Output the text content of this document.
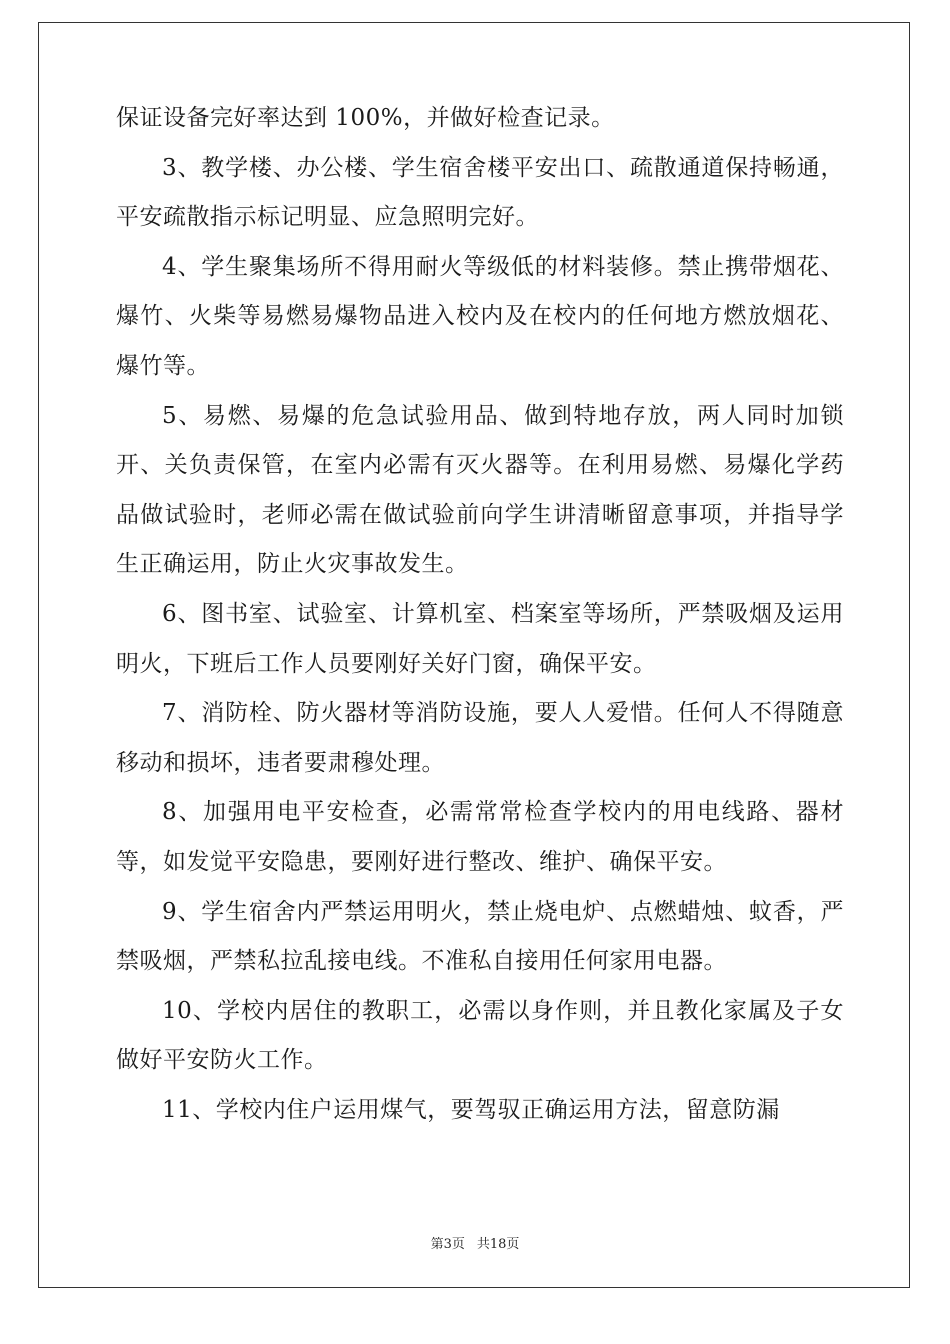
保证设备完好率达到 100%，并做好检查记录。

3、教学楼、办公楼、学生宿舍楼平安出口、疏散通道保持畅通，平安疏散指示标记明显、应急照明完好。

4、学生聚集场所不得用耐火等级低的材料装修。禁止携带烟花、爆竹、火柴等易燃易爆物品进入校内及在校内的任何地方燃放烟花、爆竹等。

5、易燃、易爆的危急试验用品、做到特地存放，两人同时加锁开、关负责保管，在室内必需有灭火器等。在利用易燃、易爆化学药品做试验时，老师必需在做试验前向学生讲清晰留意事项，并指导学生正确运用，防止火灾事故发生。

6、图书室、试验室、计算机室、档案室等场所，严禁吸烟及运用明火，下班后工作人员要刚好关好门窗，确保平安。

7、消防栓、防火器材等消防设施，要人人爱惜。任何人不得随意移动和损坏，违者要肃穆处理。

8、加强用电平安检查，必需常常检查学校内的用电线路、器材等，如发觉平安隐患，要刚好进行整改、维护、确保平安。

9、学生宿舍内严禁运用明火，禁止烧电炉、点燃蜡烛、蚊香，严禁吸烟，严禁私拉乱接电线。不准私自接用任何家用电器。

10、学校内居住的教职工，必需以身作则，并且教化家属及子女做好平安防火工作。

11、学校内住户运用煤气，要驾驭正确运用方法，留意防漏

第3页 共18页
